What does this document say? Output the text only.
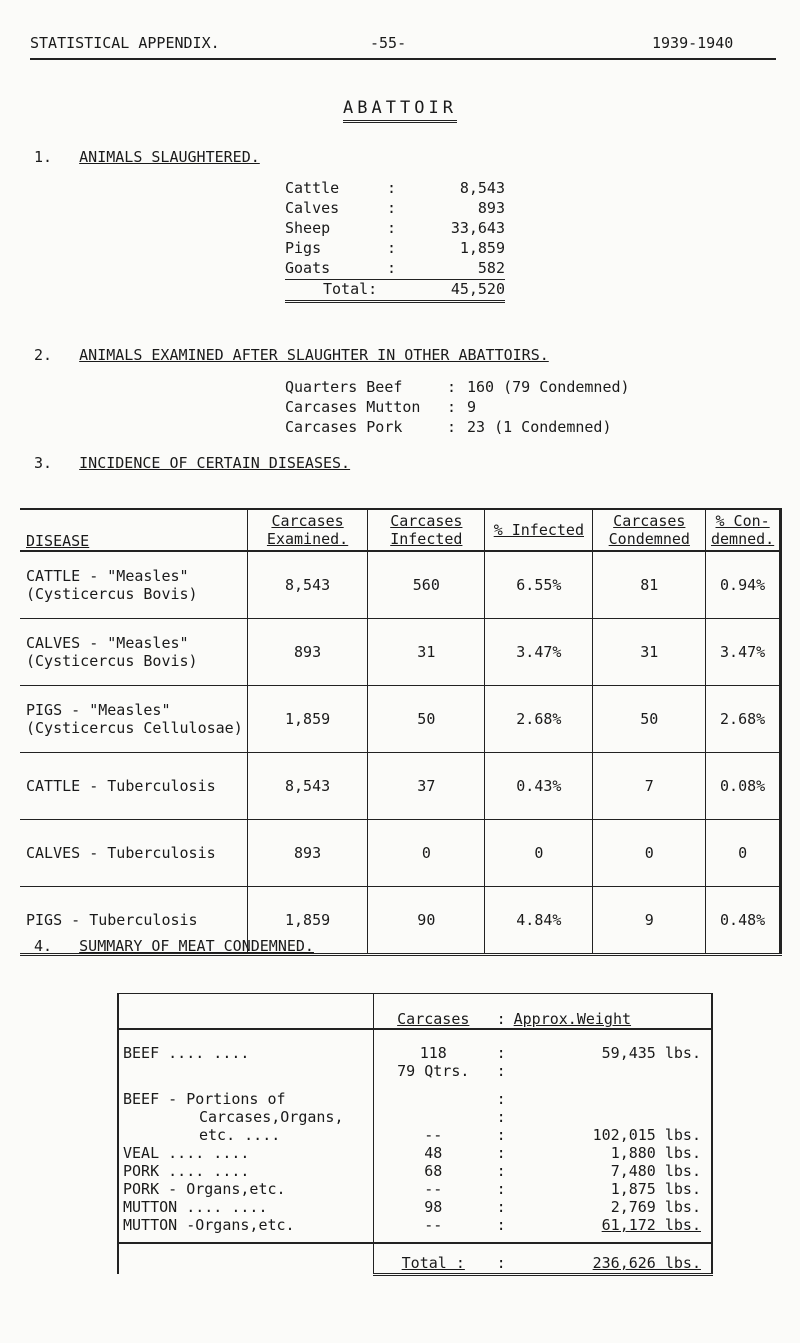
STATISTICAL APPENDIX.	-55-	1939-1940
ABATTOIR
1. ANIMALS SLAUGHTERED.
Cattle	:	8,543
Calves	:	893
Sheep	:	33,643
Pigs	:	1,859
Goats	:	582
Total:	45,520
2. ANIMALS EXAMINED AFTER SLAUGHTER IN OTHER ABATTOIRS.
Quarters Beef	: 160 (79 Condemned)
Carcases Mutton : 9
Carcases Pork	: 23 (1 Condemned)
3. INCIDENCE OF CERTAIN DISEASES.
DISEASE	Carcases Examined.	Carcases Infected	% Infected	Carcases Condemned	% Con- demned.

CATTLE - "Measles"
(Cysticercus Bovis)	8,543	560	6.55%	81	0.94%

CALVES - "Measles"
(Cysticercus Bovis)	893	31	3.47%	31	3.47%

PIGS - "Measles"
(Cysticercus Cellulosae)	1,859	50	2.68%	50	2.68%

CATTLE - Tuberculosis	8,543	37	0.43%	7	0.08%

CALVES - Tuberculosis	893	0	0	0	0

PIGS - Tuberculosis	1,859	90	4.84%	9	0.48%
4. SUMMARY OF MEAT CONDEMNED.
	Carcases	:	Approx.Weight
BEEF .... ....	118	:	59,435 lbs.
	79 Qtrs.	:	
BEEF - Portions of		:	
Carcases,Organs,		:	
etc. ....	--	:	102,015 lbs.
VEAL .... ....	48	:	1,880 lbs.
PORK .... ....	68	:	7,480 lbs.
PORK - Organs,etc.	--	:	1,875 lbs.
MUTTON .... ....	98	:	2,769 lbs.
MUTTON -Organs,etc.	--	:	61,172 lbs.
	Total :	:	236,626 lbs.
